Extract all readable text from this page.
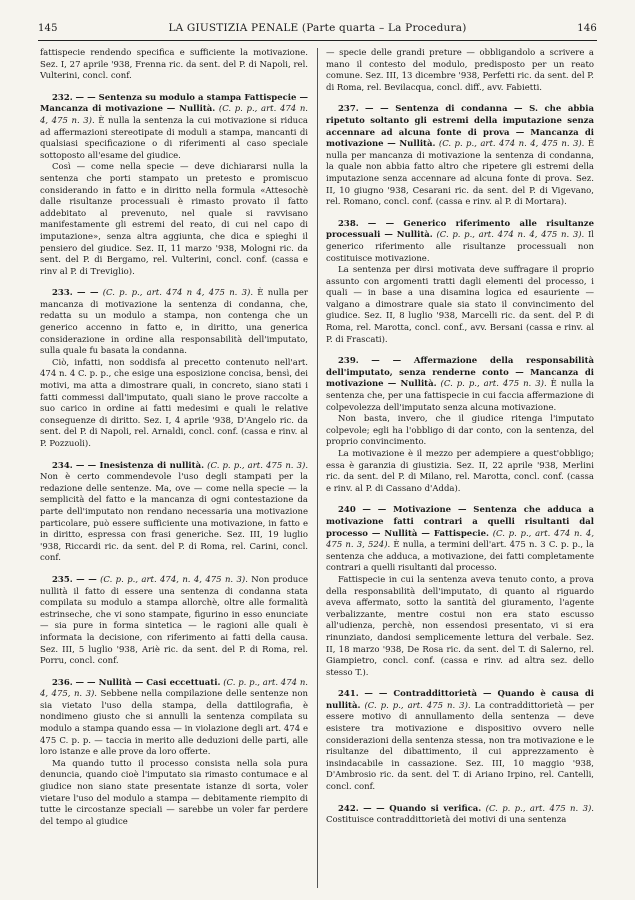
145	LA GIUSTIZIA PENALE (Parte quarta – La Procedura)	146

fattispecie rendendo specifica e sufficiente la motivazione. Sez. I, 27 aprile '938, Frenna ric. da sent. del P. di Napoli, rel. Vulterini, concl. conf.

232. — — Sentenza su modulo a stampa Fattispecie — Mancanza di motivazione — Nullità. (C. p. p., art. 474 n. 4, 475 n. 3). È nulla la sentenza la cui motivazione si riduca ad affermazioni stereotipate di moduli a stampa, mancanti di qualsiasi specificazione o di riferimenti al caso speciale sottoposto all'esame del giudice.

Così — come nella specie — deve dichiararsi nulla la sentenza che porti stampato un pretesto e promiscuo considerando in fatto e in diritto nella formula «Attesochè dalle risultanze processuali è rimasto provato il fatto addebitato al prevenuto, nel quale si ravvisano manifestamente gli estremi del reato, di cui nel capo di imputazione», senza altra aggiunta, che dica e spieghi il pensiero del giudice. Sez. II, 11 marzo '938, Mologni ric. da sent. del P. di Bergamo, rel. Vulterini, concl. conf. (cassa e rinv al P. di Treviglio).

233. — — (C. p. p., art. 474 n 4, 475 n. 3). È nulla per mancanza di motivazione la sentenza di condanna, che, redatta su un modulo a stampa, non contenga che un generico accenno in fatto e, in diritto, una generica considerazione in ordine alla responsabilità dell'imputato, sulla quale fu basata la condanna.

Ciò, infatti, non soddisfa al precetto contenuto nell'art. 474 n. 4 C. p. p., che esige una esposizione concisa, bensì, dei motivi, ma atta a dimostrare quali, in concreto, siano stati i fatti commessi dall'imputato, quali siano le prove raccolte a suo carico in ordine ai fatti medesimi e quali le relative conseguenze di diritto. Sez. I, 4 aprile '938, D'Angelo ric. da sent. del P. di Napoli, rel. Arnaldi, concl. conf. (cassa e rinv. al P. Pozzuoli).

234. — — Inesistenza di nullità. (C. p. p., art. 475 n. 3). Non è certo commendevole l'uso degli stampati per la redazione delle sentenze. Ma, ove — come nella specie — la semplicità del fatto e la mancanza di ogni contestazione da parte dell'imputato non rendano necessaria una motivazione particolare, può essere sufficiente una motivazione, in fatto e in diritto, espressa con frasi generiche. Sez. III, 19 luglio '938, Riccardi ric. da sent. del P. di Roma, rel. Carini, concl. conf.

235. — — (C. p. p., art. 474, n. 4, 475 n. 3). Non produce nullità il fatto di essere una sentenza di condanna stata compilata su modulo a stampa allorchè, oltre alle formalità estrinseche, che vi sono stampate, figurino in esso enunciate — sia pure in forma sintetica — le ragioni alle quali è informata la decisione, con riferimento ai fatti della causa. Sez. III, 5 luglio '938, Ariè ric. da sent. del P. di Roma, rel. Porru, concl. conf.

236. — — Nullità — Casi eccettuati. (C. p. p., art. 474 n. 4, 475, n. 3). Sebbene nella compilazione delle sentenze non sia vietato l'uso della stampa, della dattilografia, è nondimeno giusto che si annulli la sentenza compilata su modulo a stampa quando essa — in violazione degli art. 474 e 475 C. p. p. — taccia in merito alle deduzioni delle parti, alle loro istanze e alle prove da loro offerte.

Ma quando tutto il processo consista nella sola pura denuncia, quando cioè l'imputato sia rimasto contumace e al giudice non siano state presentate istanze di sorta, voler vietare l'uso del modulo a stampa — debitamente riempito di tutte le circostanze speciali — sarebbe un voler far perdere del tempo al giudice

— specie delle grandi preture — obbligandolo a scrivere a mano il contesto del modulo, predisposto per un reato comune. Sez. III, 13 dicembre '938, Perfetti ric. da sent. del P. di Roma, rel. Bevilacqua, concl. diff., avv. Fabietti.

237. — — Sentenza di condanna — S. che abbia ripetuto soltanto gli estremi della imputazione senza accennare ad alcuna fonte di prova — Mancanza di motivazione — Nullità. (C. p. p., art. 474 n. 4, 475 n. 3). È nulla per mancanza di motivazione la sentenza di condanna, la quale non abbia fatto altro che ripetere gli estremi della imputazione senza accennare ad alcuna fonte di prova. Sez. II, 10 giugno '938, Cesarani ric. da sent. del P. di Vigevano, rel. Romano, concl. conf. (cassa e rinv. al P. di Mortara).

238. — — Generico riferimento alle risultanze processuali — Nullità. (C. p. p., art. 474 n. 4, 475 n. 3). Il generico riferimento alle risultanze processuali non costituisce motivazione.

La sentenza per dirsi motivata deve suffragare il proprio assunto con argomenti tratti dagli elementi del processo, i quali — in base a una disamina logica ed esauriente — valgano a dimostrare quale sia stato il convincimento del giudice. Sez. II, 8 luglio '938, Marcelli ric. da sent. del P. di Roma, rel. Marotta, concl. conf., avv. Bersani (cassa e rinv. al P. di Frascati).

239. — — Affermazione della responsabilità dell'imputato, senza renderne conto — Mancanza di motivazione — Nullità. (C. p. p., art. 475 n. 3). È nulla la sentenza che, per una fattispecie in cui faccia affermazione di colpevolezza dell'imputato senza alcuna motivazione.

Non basta, invero, che il giudice ritenga l'imputato colpevole; egli ha l'obbligo di dar conto, con la sentenza, del proprio convincimento.

La motivazione è il mezzo per adempiere a quest'obbligo; essa è garanzia di giustizia. Sez. II, 22 aprile '938, Merlini ric. da sent. del P. di Milano, rel. Marotta, concl. conf. (cassa e rinv. al P. di Cassano d'Adda).

240 — — Motivazione — Sentenza che adduca a motivazione fatti contrari a quelli risultanti dal processo — Nullità — Fattispecie. (C. p. p., art. 474 n. 4, 475 n. 3, 524). È nulla, a termini dell'art. 475 n. 3 C. p. p., la sentenza che adduca, a motivazione, dei fatti completamente contrari a quelli risultanti dal processo.

Fattispecie in cui la sentenza aveva tenuto conto, a prova della responsabilità dell'imputato, di quanto al riguardo aveva affermato, sotto la santità del giuramento, l'agente verbalizzante, mentre costui non era stato escusso all'udienza, perchè, non essendosi presentato, vi si era rinunziato, dandosi semplicemente lettura del verbale. Sez. II, 18 marzo '938, De Rosa ric. da sent. del T. di Salerno, rel. Giampietro, concl. conf. (cassa e rinv. ad altra sez. dello stesso T.).

241. — — Contraddittorietà — Quando è causa di nullità. (C. p. p., art. 475 n. 3). La contraddittorietà — per essere motivo di annullamento della sentenza — deve esistere tra motivazione e dispositivo ovvero nelle considerazioni della sentenza stessa, non tra motivazione e le risultanze del dibattimento, il cui apprezzamento è insindacabile in cassazione. Sez. III, 10 maggio '938, D'Ambrosio ric. da sent. del T. di Ariano Irpino, rel. Cantelli, concl. conf.

242. — — Quando si verifica. (C. p. p., art. 475 n. 3). Costituisce contraddittorietà dei motivi di una sentenza
